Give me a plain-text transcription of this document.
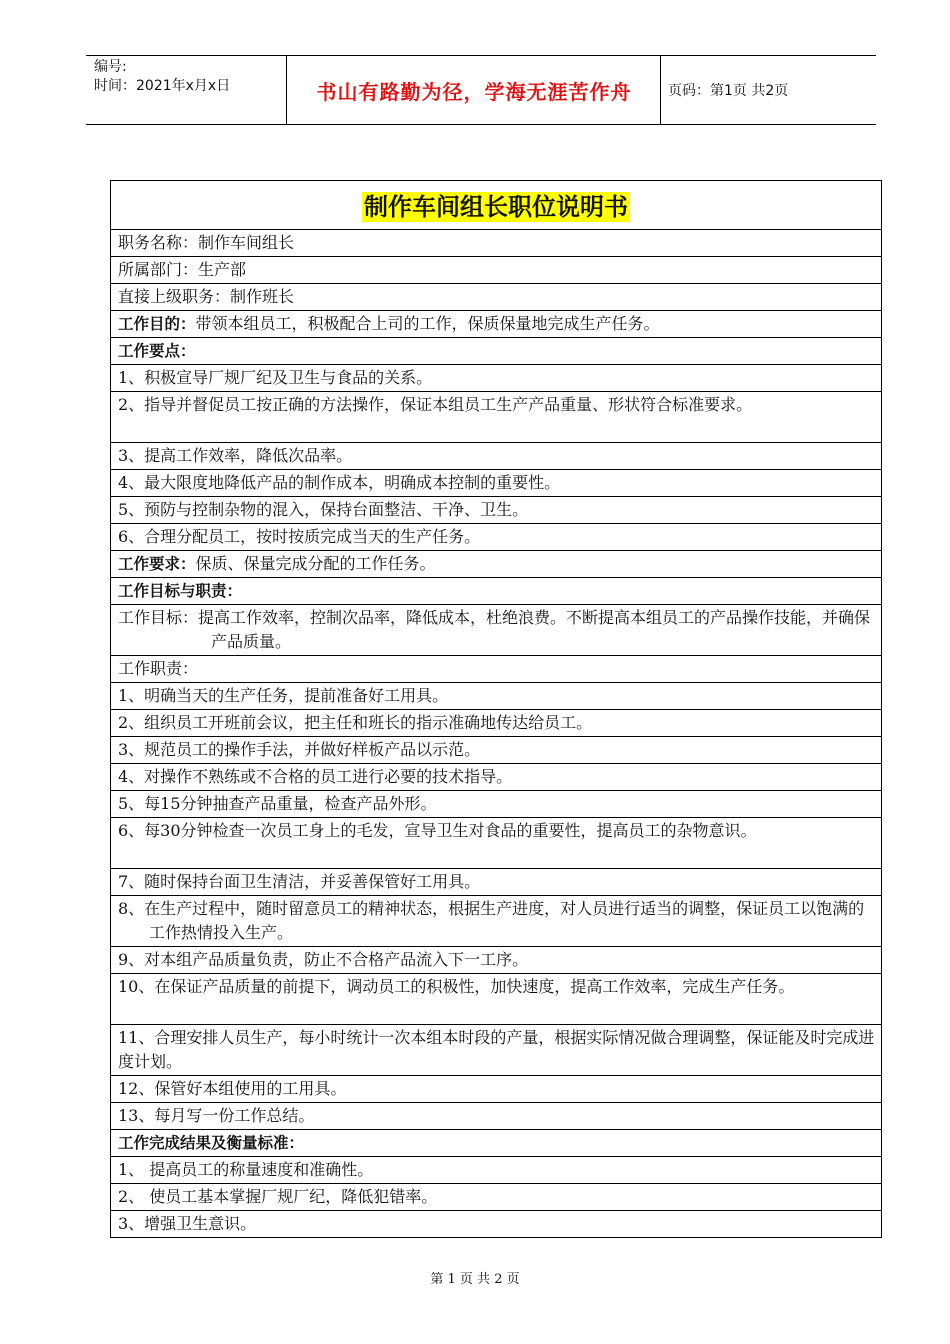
编号:
时间：2021年x月x日	书山有路勤为径，学海无涯苦作舟	页码：第1页 共2页
制作车间组长职位说明书
职务名称：制作车间组长
所属部门：生产部
直接上级职务：制作班长
工作目的：带领本组员工，积极配合上司的工作，保质保量地完成生产任务。
工作要点：
1、积极宣导厂规厂纪及卫生与食品的关系。
2、指导并督促员工按正确的方法操作，保证本组员工生产产品重量、形状符合标准要求。
3、提高工作效率，降低次品率。
4、最大限度地降低产品的制作成本，明确成本控制的重要性。
5、预防与控制杂物的混入，保持台面整洁、干净、卫生。
6、合理分配员工，按时按质完成当天的生产任务。
工作要求：保质、保量完成分配的工作任务。
工作目标与职责：
工作目标：提高工作效率，控制次品率，降低成本，杜绝浪费。不断提高本组员工的产品操作技能，并确保产品质量。
工作职责：
1、明确当天的生产任务，提前准备好工用具。
2、组织员工开班前会议，把主任和班长的指示准确地传达给员工。
3、规范员工的操作手法，并做好样板产品以示范。
4、对操作不熟练或不合格的员工进行必要的技术指导。
5、每15分钟抽查产品重量，检查产品外形。
6、每30分钟检查一次员工身上的毛发，宣导卫生对食品的重要性，提高员工的杂物意识。
7、随时保持台面卫生清洁，并妥善保管好工用具。
8、在生产过程中，随时留意员工的精神状态，根据生产进度，对人员进行适当的调整，保证员工以饱满的工作热情投入生产。
9、对本组产品质量负责，防止不合格产品流入下一工序。
10、在保证产品质量的前提下，调动员工的积极性，加快速度，提高工作效率，完成生产任务。
11、合理安排人员生产，每小时统计一次本组本时段的产量，根据实际情况做合理调整，保证能及时完成进度计划。
12、保管好本组使用的工用具。
13、每月写一份工作总结。
工作完成结果及衡量标准：
1、 提高员工的称量速度和准确性。
2、 使员工基本掌握厂规厂纪，降低犯错率。
3、增强卫生意识。
第 1 页 共 2 页
